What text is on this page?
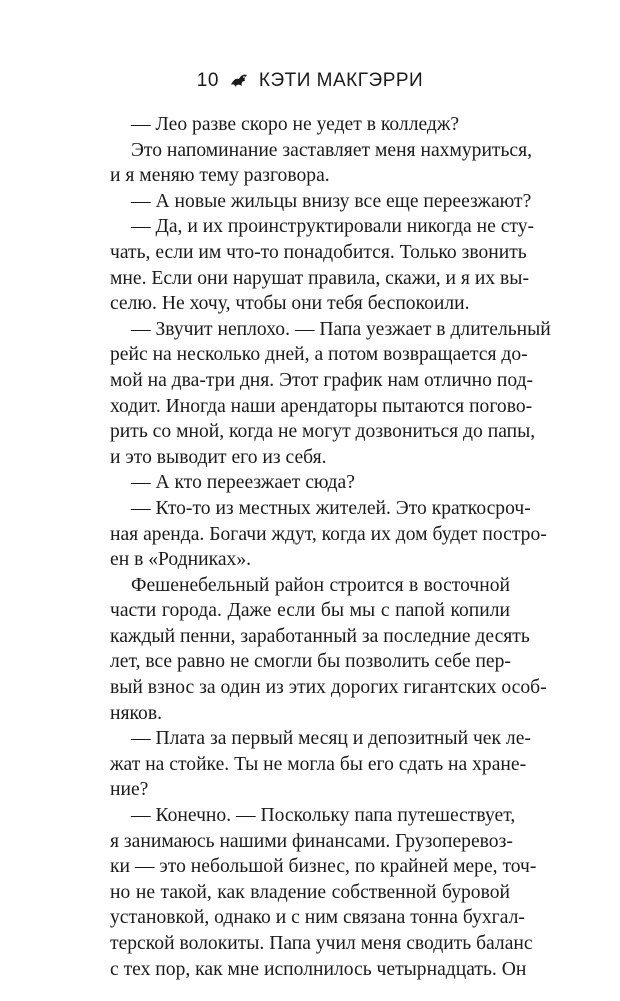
10 КЭТИ МАКГЭРРИ
— Лео разве скоро не уедет в колледж?
Это напоминание заставляет меня нахмуриться,
и я меняю тему разговора.
— А новые жильцы внизу все еще переезжают?
— Да, и их проинструктировали никогда не сту-
чать, если им что-то понадобится. Только звонить
мне. Если они нарушат правила, скажи, и я их вы-
селю. Не хочу, чтобы они тебя беспокоили.
— Звучит неплохо. — Папа уезжает в длительный
рейс на несколько дней, а потом возвращается до-
мой на два-три дня. Этот график нам отлично под-
ходит. Иногда наши арендаторы пытаются погово-
рить со мной, когда не могут дозвониться до папы,
и это выводит его из себя.
— А кто переезжает сюда?
— Кто-то из местных жителей. Это краткосроч-
ная аренда. Богачи ждут, когда их дом будет постро-
ен в «Родниках».
Фешенебельный район строится в восточной
части города. Даже если бы мы с папой копили
каждый пенни, заработанный за последние десять
лет, все равно не смогли бы позволить себе пер-
вый взнос за один из этих дорогих гигантских особ-
няков.
— Плата за первый месяц и депозитный чек ле-
жат на стойке. Ты не могла бы его сдать на хране-
ние?
— Конечно. — Поскольку папа путешествует,
я занимаюсь нашими финансами. Грузоперевоз-
ки — это небольшой бизнес, по крайней мере, точ-
но не такой, как владение собственной буровой
установкой, однако и с ним связана тонна бухгал-
терской волокиты. Папа учил меня сводить баланс
с тех пор, как мне исполнилось четырнадцать. Он
